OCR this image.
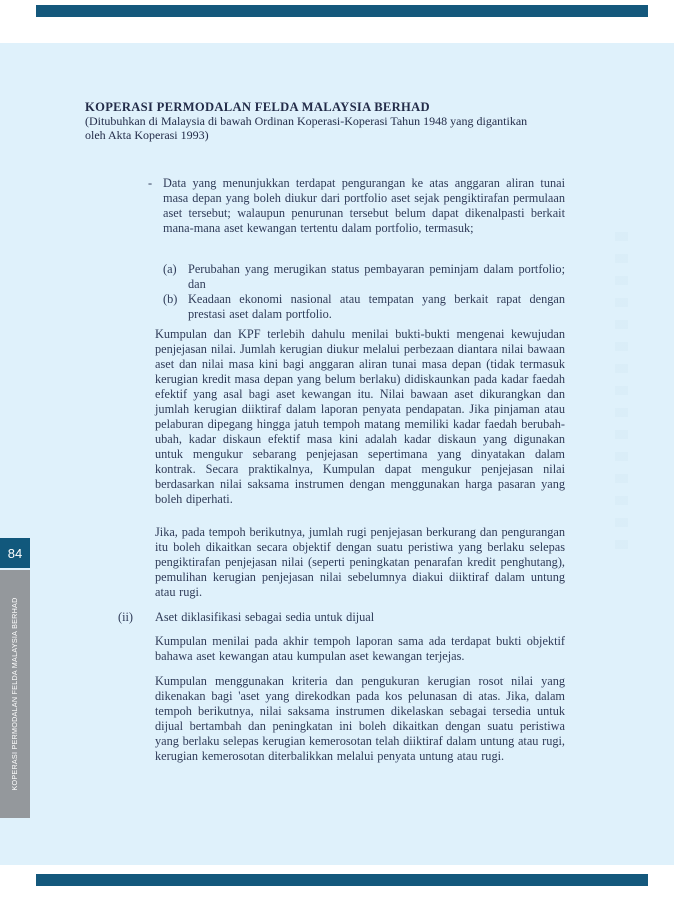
84
KOPERASI PERMODALAN FELDA MALAYSIA BERHAD
KOPERASI PERMODALAN FELDA MALAYSIA BERHAD
(Ditubuhkan di Malaysia di bawah Ordinan Koperasi-Koperasi Tahun 1948 yang digantikan
oleh Akta Koperasi 1993)
- Data yang menunjukkan terdapat pengurangan ke atas anggaran aliran tunai masa depan yang boleh diukur dari portfolio aset sejak pengiktirafan permulaan aset tersebut; walaupun penurunan tersebut belum dapat dikenalpasti berkait mana-mana aset kewangan tertentu dalam portfolio, termasuk;
(a) Perubahan yang merugikan status pembayaran peminjam dalam portfolio; dan
(b) Keadaan ekonomi nasional atau tempatan yang berkait rapat dengan prestasi aset dalam portfolio.
Kumpulan dan KPF terlebih dahulu menilai bukti-bukti mengenai kewujudan penjejasan nilai. Jumlah kerugian diukur melalui perbezaan diantara nilai bawaan aset dan nilai masa kini bagi anggaran aliran tunai masa depan (tidak termasuk kerugian kredit masa depan yang belum berlaku) didiskaunkan pada kadar faedah efektif yang asal bagi aset kewangan itu. Nilai bawaan aset dikurangkan dan jumlah kerugian diiktiraf dalam laporan penyata pendapatan. Jika pinjaman atau pelaburan dipegang hingga jatuh tempoh matang memiliki kadar faedah berubah-ubah, kadar diskaun efektif masa kini adalah kadar diskaun yang digunakan untuk mengukur sebarang penjejasan sepertimana yang dinyatakan dalam kontrak. Secara praktikalnya, Kumpulan dapat mengukur penjejasan nilai berdasarkan nilai saksama instrumen dengan menggunakan harga pasaran yang boleh diperhati.
Jika, pada tempoh berikutnya, jumlah rugi penjejasan berkurang dan pengurangan itu boleh dikaitkan secara objektif dengan suatu peristiwa yang berlaku selepas pengiktirafan penjejasan nilai (seperti peningkatan penarafan kredit penghutang), pemulihan kerugian penjejasan nilai sebelumnya diakui diiktiraf dalam untung atau rugi.
(ii) Aset diklasifikasi sebagai sedia untuk dijual
Kumpulan menilai pada akhir tempoh laporan sama ada terdapat bukti objektif bahawa aset kewangan atau kumpulan aset kewangan terjejas.
Kumpulan menggunakan kriteria dan pengukuran kerugian rosot nilai yang dikenakan bagi 'aset yang direkodkan pada kos pelunasan di atas. Jika, dalam tempoh berikutnya, nilai saksama instrumen dikelaskan sebagai tersedia untuk dijual bertambah dan peningkatan ini boleh dikaitkan dengan suatu peristiwa yang berlaku selepas kerugian kemerosotan telah diiktiraf dalam untung atau rugi, kerugian kemerosotan diterbalikkan melalui penyata untung atau rugi.
